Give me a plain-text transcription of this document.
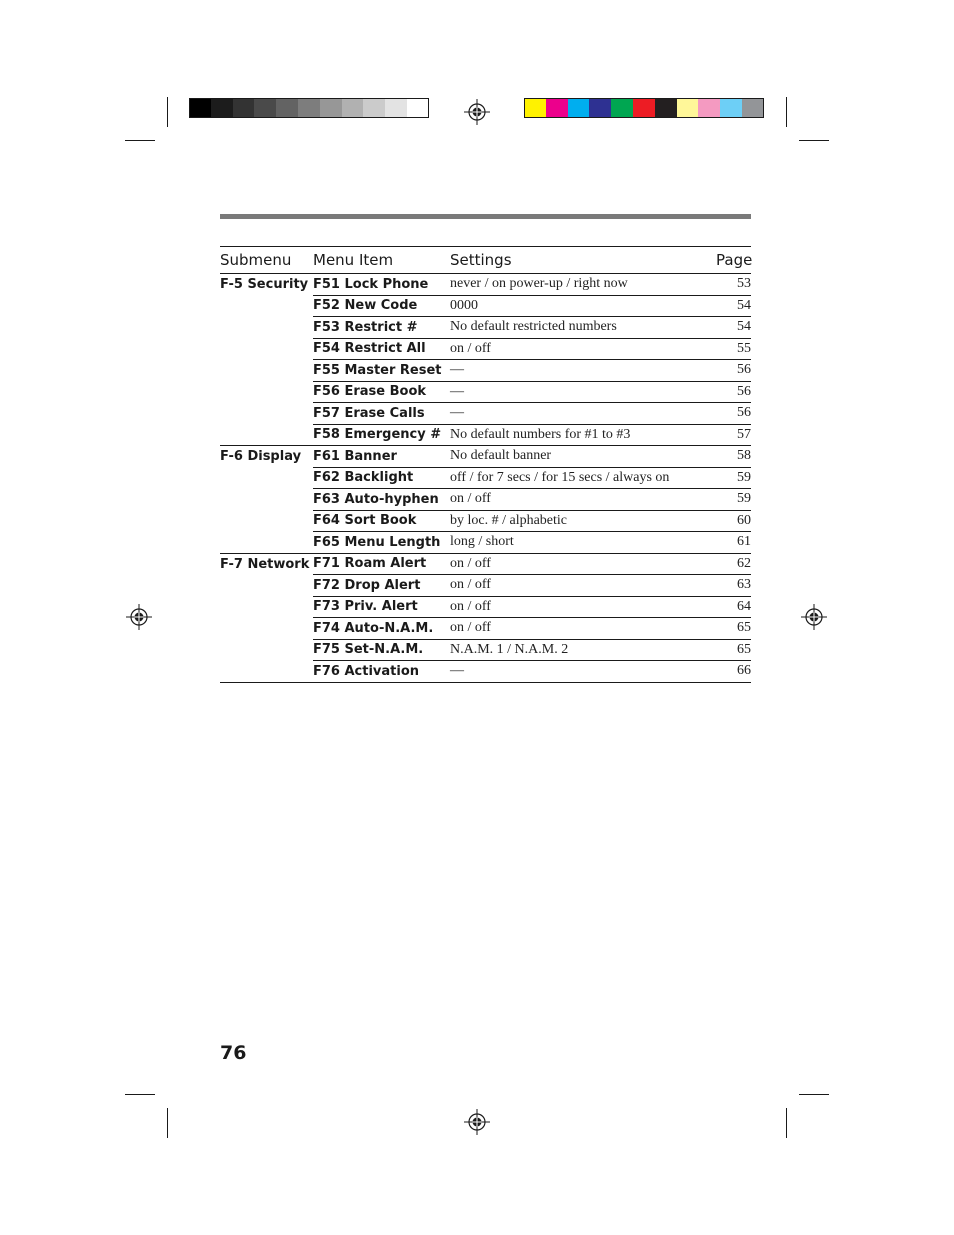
Submenu	Menu Item	Settings	Page
F-5 Security	F51 Lock Phone	never / on power-up / right now	53
	F52 New Code	0000	54
	F53 Restrict #	No default restricted numbers	54
	F54 Restrict All	on / off	55
	F55 Master Reset	—	56
	F56 Erase Book	—	56
	F57 Erase Calls	—	56
	F58 Emergency #	No default numbers for #1 to #3	57
F-6 Display	F61 Banner	No default banner	58
	F62 Backlight	off / for 7 secs / for 15 secs / always on	59
	F63 Auto-hyphen	on / off	59
	F64 Sort Book	by loc. # / alphabetic	60
	F65 Menu Length	long / short	61
F-7 Network	F71 Roam Alert	on / off	62
	F72 Drop Alert	on / off	63
	F73 Priv. Alert	on / off	64
	F74 Auto-N.A.M.	on / off	65
	F75 Set-N.A.M.	N.A.M. 1 / N.A.M. 2	65
	F76 Activation	—	66
76
